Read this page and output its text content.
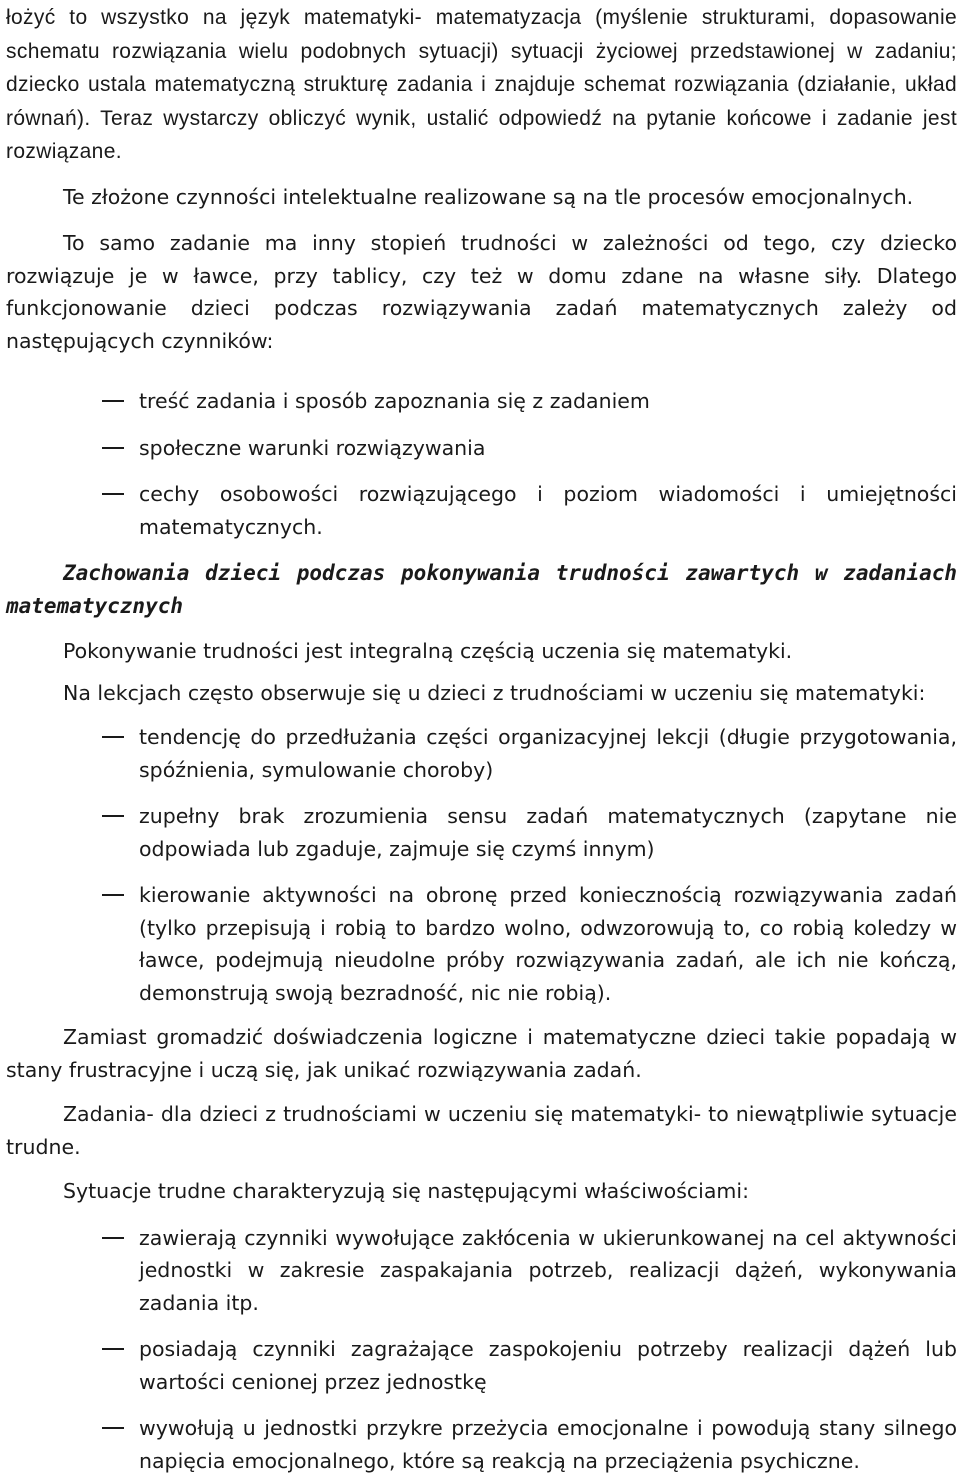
łożyć to wszystko na język matematyki- matematyzacja (myślenie strukturami, dopasowanie schematu rozwiązania wielu podobnych sytuacji) sytuacji życiowej przedstawionej w zadaniu; dziecko ustala matematyczną strukturę zadania i znajduje schemat rozwiązania (działanie, układ równań). Teraz wystarczy obliczyć wynik, ustalić odpowiedź na pytanie końcowe i zadanie jest rozwiązane.

Te złożone czynności intelektualne realizowane są na tle procesów emocjonalnych.

To samo zadanie ma inny stopień trudności w zależności od tego, czy dziecko rozwiązuje je w ławce, przy tablicy, czy też w domu zdane na własne siły. Dlatego funkcjonowanie dzieci podczas rozwiązywania zadań matematycznych zależy od następujących czynników:

treść zadania i sposób zapoznania się z zadaniem
społeczne warunki rozwiązywania
cechy osobowości rozwiązującego i poziom wiadomości i umiejętności matematycznych.

Zachowania dzieci podczas pokonywania trudności zawartych w zadaniach matematycznych

Pokonywanie trudności jest integralną częścią uczenia się matematyki.

Na lekcjach często obserwuje się u dzieci z trudnościami w uczeniu się matematyki:

tendencję do przedłużania części organizacyjnej lekcji (długie przygotowania, spóźnienia, symulowanie choroby)
zupełny brak zrozumienia sensu zadań matematycznych (zapytane nie odpowiada lub zgaduje, zajmuje się czymś innym)
kierowanie aktywności na obronę przed koniecznością rozwiązywania zadań (tylko przepisują i robią to bardzo wolno, odwzorowują to, co robią koledzy w ławce, podejmują nieudolne próby rozwiązywania zadań, ale ich nie kończą, demonstrują swoją bezradność, nic nie robią).

Zamiast gromadzić doświadczenia logiczne i matematyczne dzieci takie popadają w stany frustracyjne i uczą się, jak unikać rozwiązywania zadań.

Zadania- dla dzieci z trudnościami w uczeniu się matematyki- to niewątpliwie sytuacje trudne.

Sytuacje trudne charakteryzują się następującymi właściwościami:

zawierają czynniki wywołujące zakłócenia w ukierunkowanej na cel aktywności jednostki w zakresie zaspakajania potrzeb, realizacji dążeń, wykonywania zadania itp.
posiadają czynniki zagrażające zaspokojeniu potrzeby realizacji dążeń lub wartości cenionej przez jednostkę
wywołują u jednostki przykre przeżycia emocjonalne i powodują stany silnego napięcia emocjonalnego, które są reakcją na przeciążenia psychiczne.
